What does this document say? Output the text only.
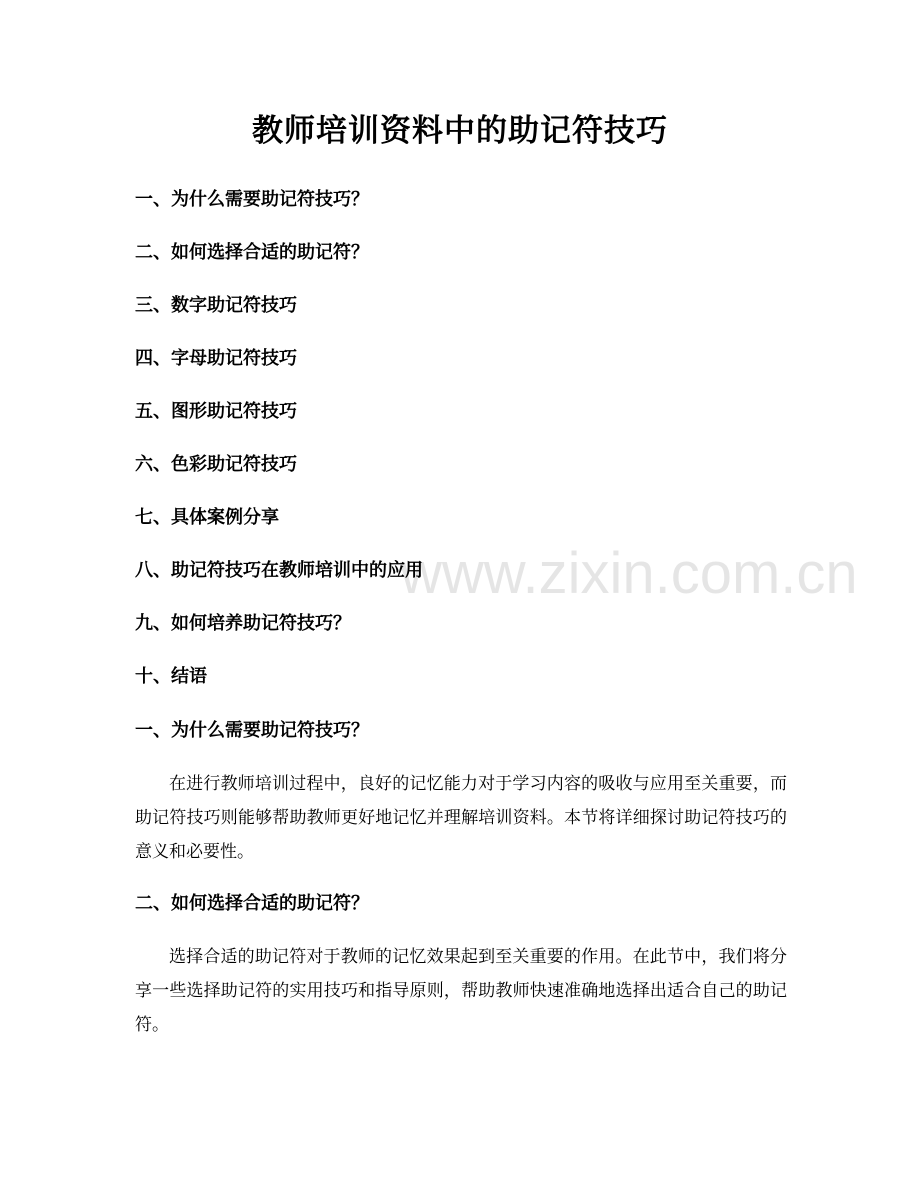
www.zixin.com.cn
教师培训资料中的助记符技巧
一、为什么需要助记符技巧？
二、如何选择合适的助记符？
三、数字助记符技巧
四、字母助记符技巧
五、图形助记符技巧
六、色彩助记符技巧
七、具体案例分享
八、助记符技巧在教师培训中的应用
九、如何培养助记符技巧？
十、结语
一、为什么需要助记符技巧？

在进行教师培训过程中，良好的记忆能力对于学习内容的吸收与应用至关重要，而助记符技巧则能够帮助教师更好地记忆并理解培训资料。本节将详细探讨助记符技巧的意义和必要性。

二、如何选择合适的助记符？

选择合适的助记符对于教师的记忆效果起到至关重要的作用。在此节中，我们将分享一些选择助记符的实用技巧和指导原则，帮助教师快速准确地选择出适合自己的助记符。
